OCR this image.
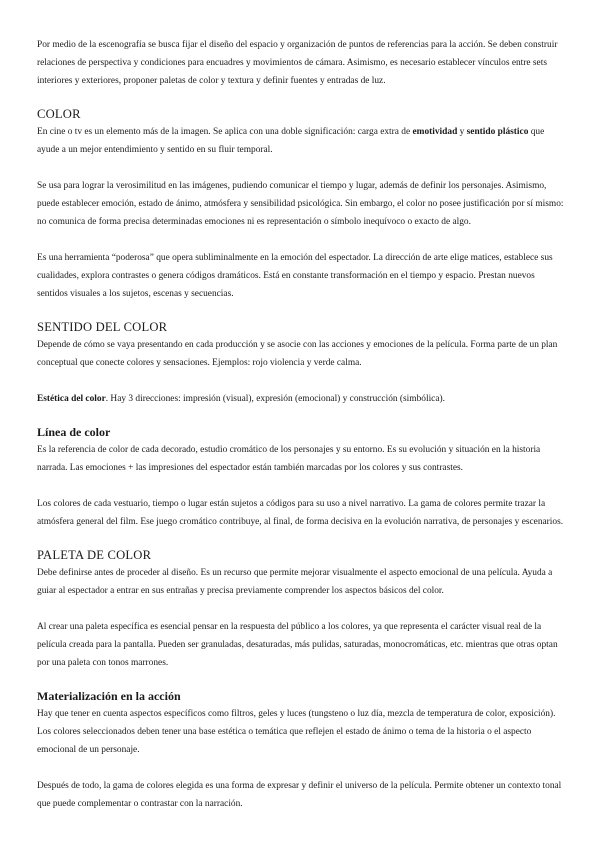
Por medio de la escenografía se busca fijar el diseño del espacio y organización de puntos de referencias para la acción. Se deben construir relaciones de perspectiva y condiciones para encuadres y movimientos de cámara. Asimismo, es necesario establecer vínculos entre sets interiores y exteriores, proponer paletas de color y textura y definir fuentes y entradas de luz.

COLOR

En cine o tv es un elemento más de la imagen. Se aplica con una doble significación: carga extra de emotividad y sentido plástico que ayude a un mejor entendimiento y sentido en su fluir temporal.

Se usa para lograr la verosimilitud en las imágenes, pudiendo comunicar el tiempo y lugar, además de definir los personajes. Asimismo, puede establecer emoción, estado de ánimo, atmósfera y sensibilidad psicológica. Sin embargo, el color no posee justificación por sí mismo: no comunica de forma precisa determinadas emociones ni es representación o símbolo inequívoco o exacto de algo.

Es una herramienta “poderosa” que opera subliminalmente en la emoción del espectador. La dirección de arte elige matices, establece sus cualidades, explora contrastes o genera códigos dramáticos. Está en constante transformación en el tiempo y espacio. Prestan nuevos sentidos visuales a los sujetos, escenas y secuencias.

SENTIDO DEL COLOR

Depende de cómo se vaya presentando en cada producción y se asocie con las acciones y emociones de la película. Forma parte de un plan conceptual que conecte colores y sensaciones. Ejemplos: rojo violencia y verde calma.

Estética del color. Hay 3 direcciones: impresión (visual), expresión (emocional) y construcción (simbólica).

Línea de color

Es la referencia de color de cada decorado, estudio cromático de los personajes y su entorno. Es su evolución y situación en la historia narrada. Las emociones + las impresiones del espectador están también marcadas por los colores y sus contrastes.

Los colores de cada vestuario, tiempo o lugar están sujetos a códigos para su uso a nivel narrativo. La gama de colores permite trazar la atmósfera general del film. Ese juego cromático contribuye, al final, de forma decisiva en la evolución narrativa, de personajes y escenarios.

PALETA DE COLOR

Debe definirse antes de proceder al diseño. Es un recurso que permite mejorar visualmente el aspecto emocional de una película. Ayuda a guiar al espectador a entrar en sus entrañas y precisa previamente comprender los aspectos básicos del color.

Al crear una paleta específica es esencial pensar en la respuesta del público a los colores, ya que representa el carácter visual real de la película creada para la pantalla. Pueden ser granuladas, desaturadas, más pulidas, saturadas, monocromáticas, etc. mientras que otras optan por una paleta con tonos marrones.

Materialización en la acción

Hay que tener en cuenta aspectos específicos como filtros, geles y luces (tungsteno o luz día, mezcla de temperatura de color, exposición). Los colores seleccionados deben tener una base estética o temática que reflejen el estado de ánimo o tema de la historia o el aspecto emocional de un personaje.

Después de todo, la gama de colores elegida es una forma de expresar y definir el universo de la película. Permite obtener un contexto tonal que puede complementar o contrastar con la narración.
